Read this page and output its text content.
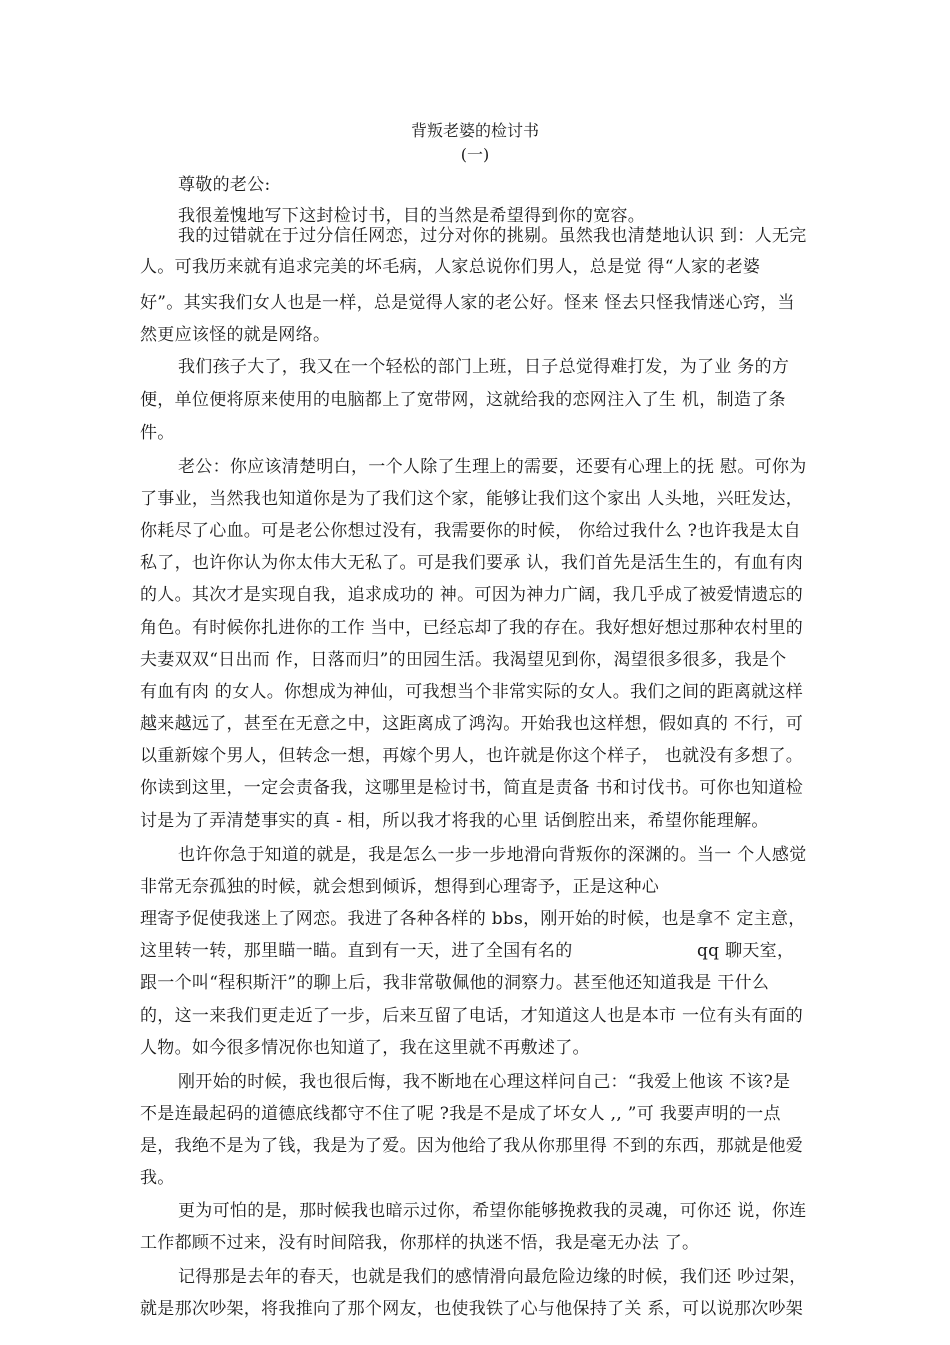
背叛老婆的检讨书
(一)

尊敬的老公:

我很羞愧地写下这封检讨书，目的当然是希望得到你的宽容。

我的过错就在于过分信任网恋，过分对你的挑剔。虽然我也清楚地认识 到：人无完

人。可我历来就有追求完美的坏毛病，人家总说你们男人，总是觉 得“人家的老婆

好”。其实我们女人也是一样，总是觉得人家的老公好。怪来 怪去只怪我情迷心窍，当

然更应该怪的就是网络。

我们孩子大了，我又在一个轻松的部门上班，日子总觉得难打发，为了业 务的方

便，单位便将原来使用的电脑都上了宽带网，这就给我的恋网注入了生 机，制造了条

件。

老公：你应该清楚明白，一个人除了生理上的需要，还要有心理上的抚 慰。可你为

了事业，当然我也知道你是为了我们这个家，能够让我们这个家出 人头地，兴旺发达，

你耗尽了心血。可是老公你想过没有，我需要你的时候， 你给过我什么 ?也许我是太自

私了，也许你认为你太伟大无私了。可是我们要承 认，我们首先是活生生的，有血有肉

的人。其次才是实现自我，追求成功的 神。可因为神力广阔，我几乎成了被爱情遗忘的

角色。有时候你扎进你的工作 当中，已经忘却了我的存在。我好想好想过那种农村里的

夫妻双双“日出而 作，日落而归”的田园生活。我渴望见到你，渴望很多很多，我是个

有血有肉 的女人。你想成为神仙，可我想当个非常实际的女人。我们之间的距离就这样

越来越远了，甚至在无意之中，这距离成了鸿沟。开始我也这样想，假如真的 不行，可

以重新嫁个男人，但转念一想，再嫁个男人，也许就是你这个样子， 也就没有多想了。

你读到这里，一定会责备我，这哪里是检讨书，简直是责备 书和讨伐书。可你也知道检

讨是为了弄清楚事实的真 - 相，所以我才将我的心里 话倒腔出来，希望你能理解。

也许你急于知道的就是，我是怎么一步一步地滑向背叛你的深渊的。当一 个人感觉

非常无奈孤独的时候，就会想到倾诉，想得到心理寄予，正是这种心

理寄予促使我迷上了网恋。我进了各种各样的 bbs，刚开始的时候，也是拿不 定主意，

这里转一转，那里瞄一瞄。直到有一天，进了全国有名的	qq 聊天室，

跟一个叫“程积斯汗”的聊上后，我非常敬佩他的洞察力。甚至他还知道我是 干什么

的，这一来我们更走近了一步，后来互留了电话，才知道这人也是本市 一位有头有面的

人物。如今很多情况你也知道了，我在这里就不再敷述了。

刚开始的时候，我也很后悔，我不断地在心理这样问自己：“我爱上他该 不该?是

不是连最起码的道德底线都守不住了呢 ?我是不是成了坏女人 ,, ”可 我要声明的一点

是，我绝不是为了钱，我是为了爱。因为他给了我从你那里得 不到的东西，那就是他爱

我。

更为可怕的是，那时候我也暗示过你，希望你能够挽救我的灵魂，可你还 说，你连

工作都顾不过来，没有时间陪我，你那样的执迷不悟，我是毫无办法 了。

记得那是去年的春天，也就是我们的感情滑向最危险边缘的时候，我们还 吵过架，

就是那次吵架，将我推向了那个网友，也使我铁了心与他保持了关 系，可以说那次吵架
